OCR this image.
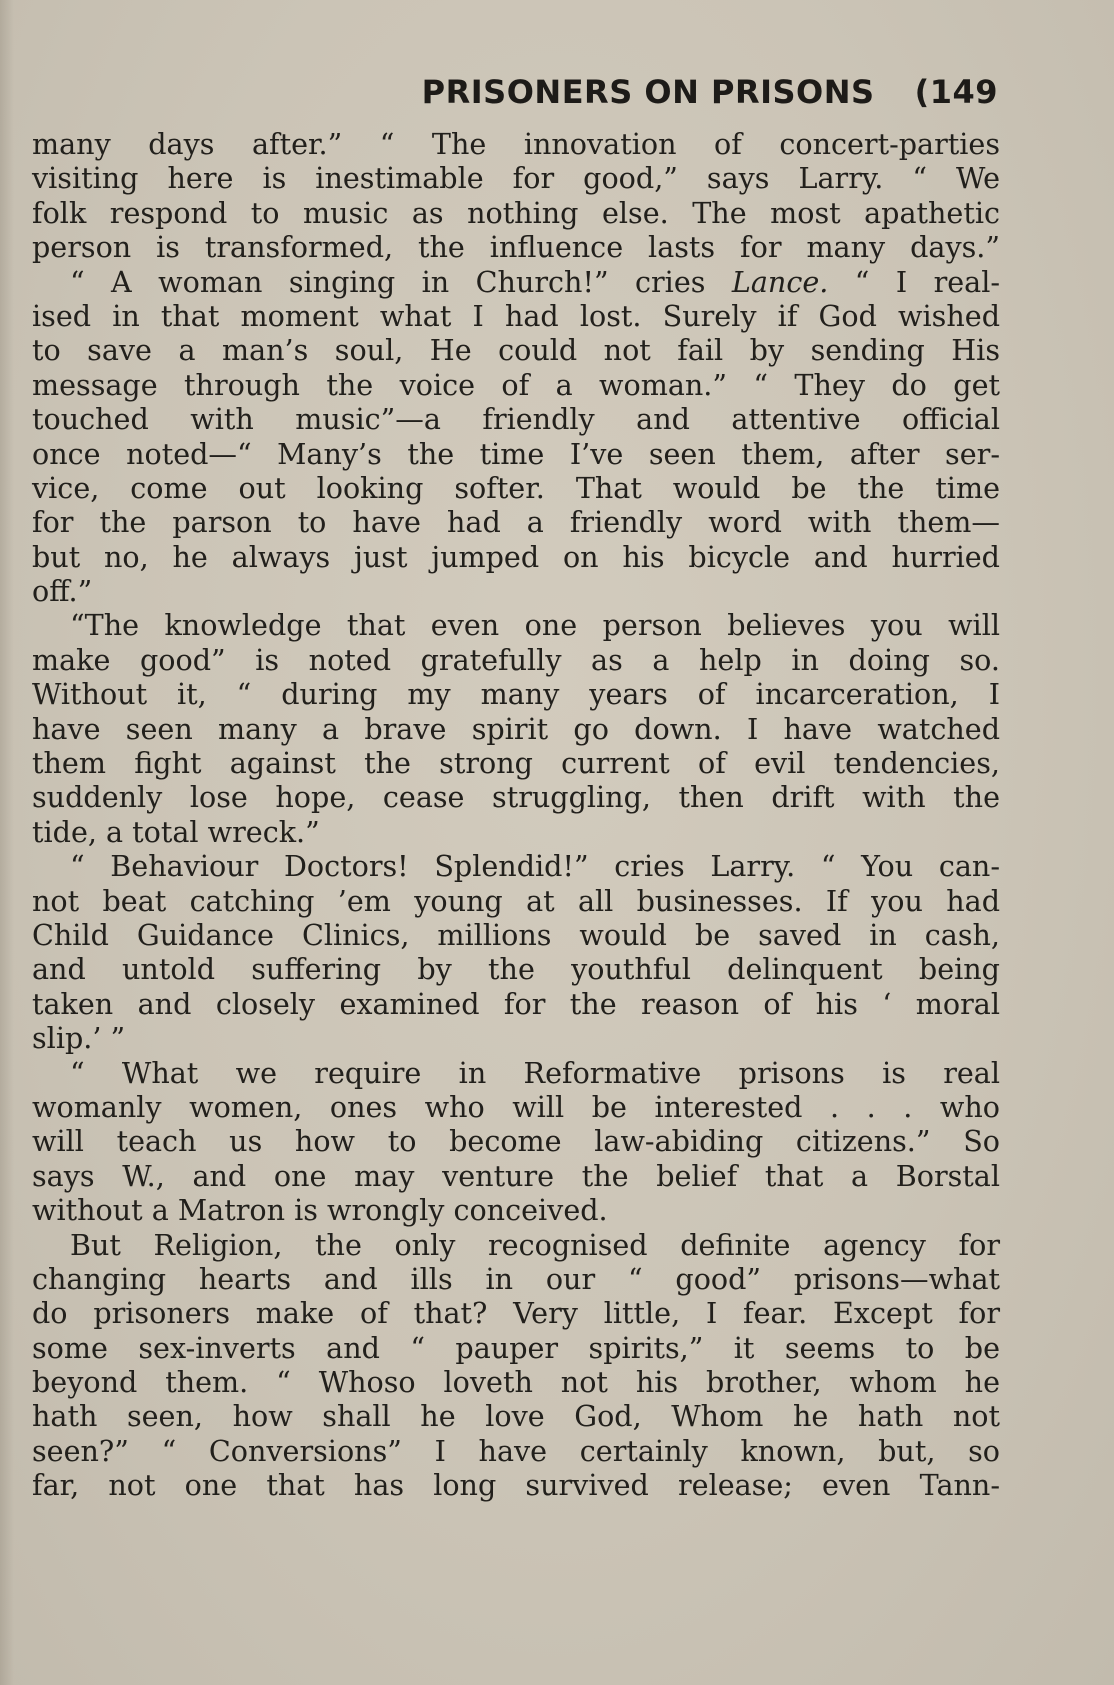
PRISONERS ON PRISONS (149
many days after.” “ The innovation of concert-parties
visiting here is inestimable for good,” says Larry. “ We
folk respond to music as nothing else. The most apathetic
person is transformed, the influence lasts for many days.”
“ A woman singing in Church!” cries Lance. “ I real-
ised in that moment what I had lost. Surely if God wished
to save a man’s soul, He could not fail by sending His
message through the voice of a woman.” “ They do get
touched with music”—a friendly and attentive official
once noted—“ Many’s the time I’ve seen them, after ser-
vice, come out looking softer. That would be the time
for the parson to have had a friendly word with them—
but no, he always just jumped on his bicycle and hurried
off.”
“The knowledge that even one person believes you will
make good” is noted gratefully as a help in doing so.
Without it, “ during my many years of incarceration, I
have seen many a brave spirit go down. I have watched
them fight against the strong current of evil tendencies,
suddenly lose hope, cease struggling, then drift with the
tide, a total wreck.”
“ Behaviour Doctors! Splendid!” cries Larry. “ You can-
not beat catching ’em young at all businesses. If you had
Child Guidance Clinics, millions would be saved in cash,
and untold suffering by the youthful delinquent being
taken and closely examined for the reason of his ‘ moral
slip.’ ”
“ What we require in Reformative prisons is real
womanly women, ones who will be interested . . . who
will teach us how to become law-abiding citizens.” So
says W., and one may venture the belief that a Borstal
without a Matron is wrongly conceived.
But Religion, the only recognised definite agency for
changing hearts and ills in our “ good” prisons—what
do prisoners make of that? Very little, I fear. Except for
some sex-inverts and “ pauper spirits,” it seems to be
beyond them. “ Whoso loveth not his brother, whom he
hath seen, how shall he love God, Whom he hath not
seen?” “ Conversions” I have certainly known, but, so
far, not one that has long survived release; even Tann-
